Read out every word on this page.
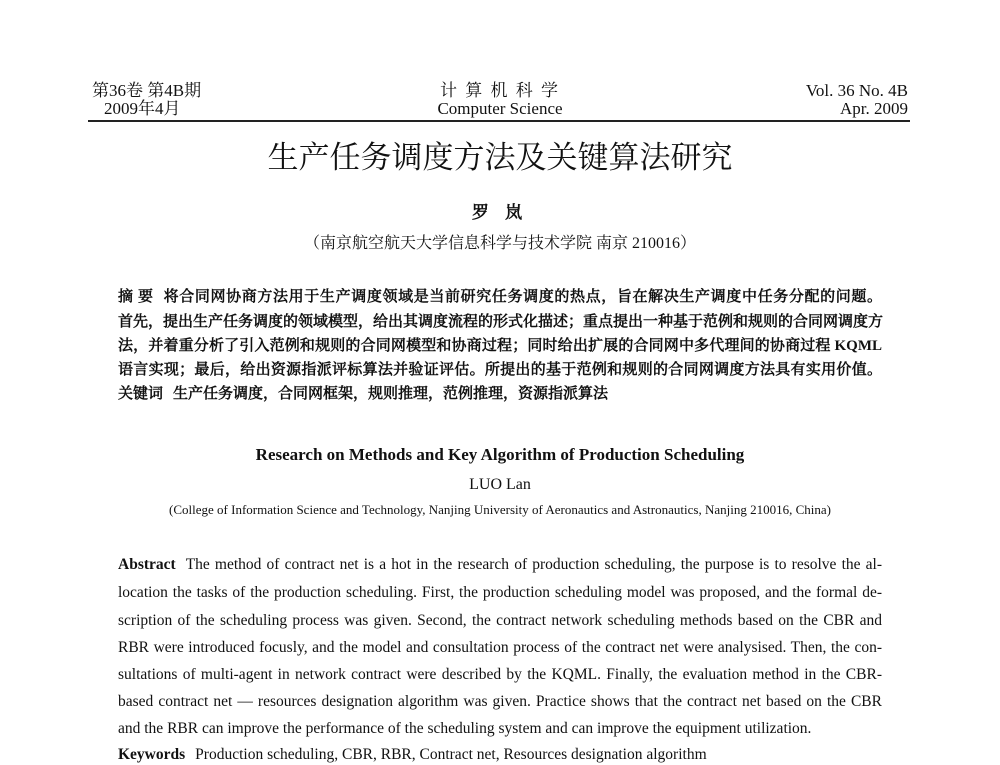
第36卷 第4B期
2009年4月
计 算 机 科 学
Computer Science
Vol. 36 No. 4B
Apr. 2009
生产任务调度方法及关键算法研究
罗 岚
（南京航空航天大学信息科学与技术学院 南京 210016）
摘 要 将合同网协商方法用于生产调度领域是当前研究任务调度的热点，旨在解决生产调度中任务分配的问题。
首先，提出生产任务调度的领域模型，给出其调度流程的形式化描述；重点提出一种基于范例和规则的合同网调度方
法，并着重分析了引入范例和规则的合同网模型和协商过程；同时给出扩展的合同网中多代理间的协商过程 KQML
语言实现；最后，给出资源指派评标算法并验证评估。所提出的基于范例和规则的合同网调度方法具有实用价值。
关键词 生产任务调度，合同网框架，规则推理，范例推理，资源指派算法
Research on Methods and Key Algorithm of Production Scheduling
LUO Lan
(College of Information Science and Technology, Nanjing University of Aeronautics and Astronautics, Nanjing 210016, China)
Abstract The method of contract net is a hot in the research of production scheduling, the purpose is to resolve the al-
location the tasks of the production scheduling. First, the production scheduling model was proposed, and the formal de-
scription of the scheduling process was given. Second, the contract network scheduling methods based on the CBR and
RBR were introduced focusly, and the model and consultation process of the contract net were analysised. Then, the con-
sultations of multi-agent in network contract were described by the KQML. Finally, the evaluation method in the CBR-
based contract net — resources designation algorithm was given. Practice shows that the contract net based on the CBR
and the RBR can improve the performance of the scheduling system and can improve the equipment utilization.
Keywords Production scheduling, CBR, RBR, Contract net, Resources designation algorithm
